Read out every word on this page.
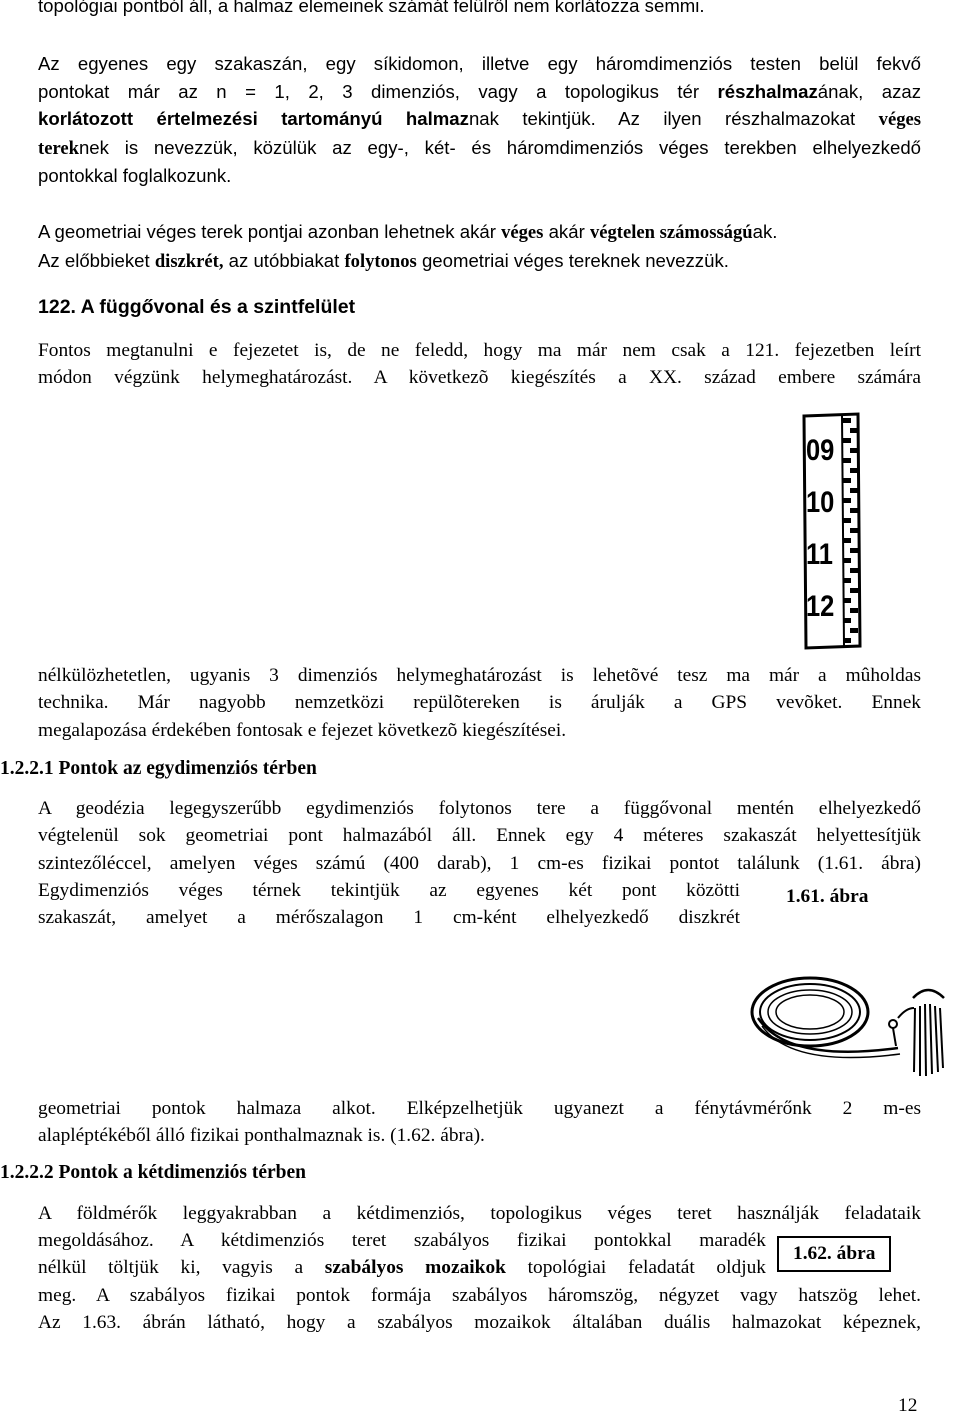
topológiai pontból áll, a halmaz elemeinek számát felülről nem korlátozza semmi.
Az egyenes egy szakaszán, egy síkidomon, illetve egy háromdimenziós testen belül fekvő
pontokat már az n = 1, 2, 3 dimenziós, vagy a topologikus tér részhalmazának, azaz
korlátozott értelmezési tartományú halmaznak tekintjük. Az ilyen részhalmazokat véges
tereknek is nevezzük, közülük az egy-, két- és háromdimenziós véges terekben elhelyezkedő
pontokkal foglalkozunk.
A geometriai véges terek pontjai azonban lehetnek akár véges akár végtelen számosságúak.
Az előbbieket diszkrét, az utóbbiakat folytonos geometriai véges tereknek nevezzük.
122. A függővonal és a szintfelület
Fontos megtanulni e fejezetet is, de ne feledd, hogy ma már nem csak a 121. fejezetben leírt
módon végzünk helymeghatározást. A következõ kiegészítés a XX. század embere számára
09
10
11
12
nélkülözhetetlen, ugyanis 3 dimenziós helymeghatározást is lehetõvé tesz ma már a mûholdas
technika. Már nagyobb nemzetközi repülõtereken is árulják a GPS vevõket. Ennek
megalapozása érdekében fontosak e fejezet következõ kiegészítései.
1.2.2.1 Pontok az egydimenziós térben
A geodézia legegyszerűbb egydimenziós folytonos tere a függővonal mentén elhelyezkedő
végtelenül sok geometriai pont halmazából áll. Ennek egy 4 méteres szakaszát helyettesítjük
szintezőléccel, amelyen véges számú (400 darab), 1 cm-es fizikai pontot találunk (1.61. ábra)
Egydimenziós véges térnek tekintjük az egyenes két pont közötti
szakaszát, amelyet a mérőszalagon 1 cm-ként elhelyezkedő diszkrét
1.61. ábra
geometriai pontok halmaza alkot. Elképzelhetjük ugyanezt a fénytávmérőnk 2 m-es
alapléptékéből álló fizikai ponthalmaznak is. (1.62. ábra).
1.2.2.2 Pontok a kétdimenziós térben
A földmérők leggyakrabban a kétdimenziós, topologikus véges teret használják feladataik
megoldásához. A kétdimenziós teret szabályos fizikai pontokkal maradék
nélkül töltjük ki, vagyis a szabályos mozaikok topológiai feladatát oldjuk
1.62. ábra
meg. A szabályos fizikai pontok formája szabályos háromszög, négyzet vagy hatszög lehet.
Az 1.63. ábrán látható, hogy a szabályos mozaikok általában duális halmazokat képeznek,
12
